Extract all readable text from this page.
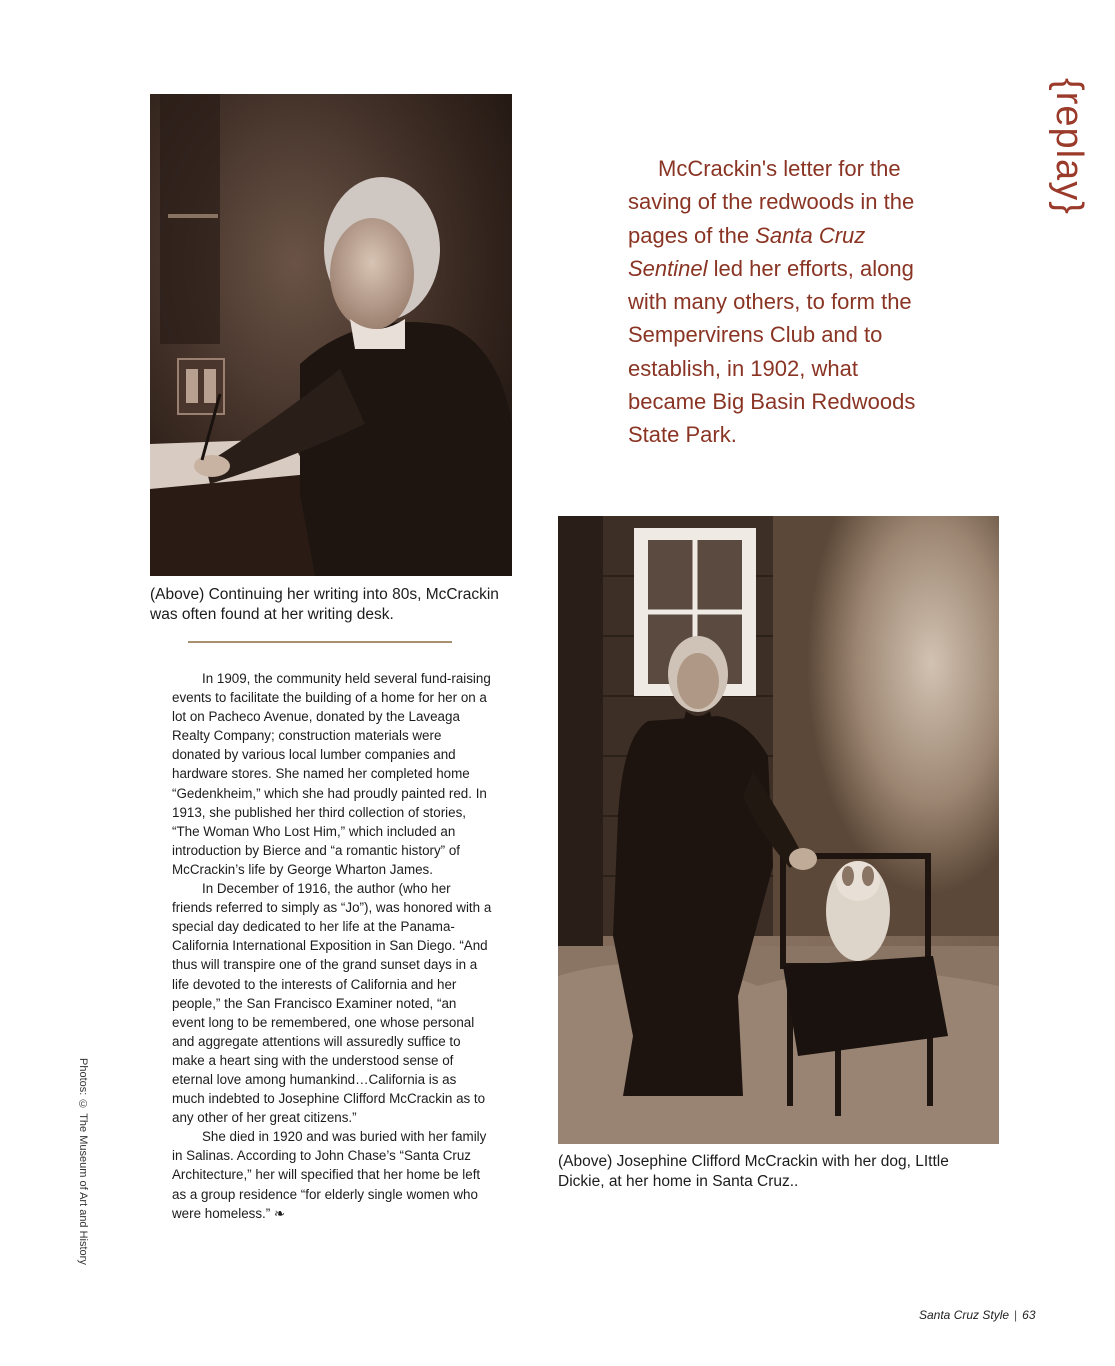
{replay}

(Above) Continuing her writing into 80s, McCrackin was often found at her writing desk.

McCrackin's letter for the saving of the redwoods in the pages of the Santa Cruz Sentinel led her efforts, along with many others, to form the Sempervirens Club and to establish, in 1902, what became Big Basin Redwoods State Park.

In 1909, the community held several fund-raising events to facilitate the building of a home for her on a lot on Pacheco Avenue, donated by the Laveaga Realty Company; construction materials were donated by various local lumber companies and hardware stores. She named her completed home “Gedenkheim,” which she had proudly painted red. In 1913, she published her third collection of stories, “The Woman Who Lost Him,” which included an introduction by Bierce and “a romantic history” of McCrackin’s life by George Wharton James.

In December of 1916, the author (who her friends referred to simply as “Jo”), was honored with a special day dedicated to her life at the Panama-California International Exposition in San Diego. “And thus will transpire one of the grand sunset days in a life devoted to the interests of California and her people,” the San Francisco Examiner noted, “an event long to be remembered, one whose personal and aggregate attentions will assuredly suffice to make a heart sing with the understood sense of eternal love among humankind…California is as much indebted to Josephine Clifford McCrackin as to any other of her great citizens.”

She died in 1920 and was buried with her family in Salinas. According to John Chase’s “Santa Cruz Architecture,” her will specified that her home be left as a group residence “for elderly single women who were homeless.” ❧

(Above) Josephine Clifford McCrackin with her dog, LIttle Dickie, at her home in Santa Cruz..

Photos: © The Museum of Art and History
Santa Cruz Style | 63
